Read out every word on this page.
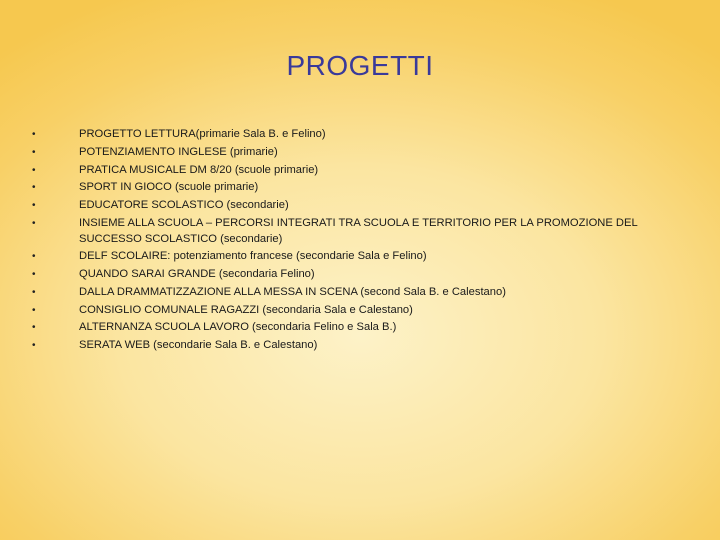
PROGETTI
•	PROGETTO LETTURA(primarie Sala B. e Felino)
•	POTENZIAMENTO INGLESE (primarie)
•	PRATICA MUSICALE DM 8/20 (scuole primarie)
•	SPORT IN GIOCO (scuole primarie)
•	EDUCATORE SCOLASTICO (secondarie)
•	INSIEME ALLA SCUOLA – PERCORSI INTEGRATI TRA SCUOLA E TERRITORIO PER LA PROMOZIONE DEL SUCCESSO SCOLASTICO (secondarie)
•	DELF SCOLAIRE: potenziamento francese (secondarie Sala e Felino)
•	QUANDO SARAI GRANDE (secondaria Felino)
•	DALLA DRAMMATIZZAZIONE ALLA MESSA IN SCENA (second Sala B. e Calestano)
•	CONSIGLIO COMUNALE RAGAZZI (secondaria Sala e Calestano)
•	ALTERNANZA SCUOLA LAVORO (secondaria Felino e Sala B.)
•	SERATA WEB (secondarie Sala B. e Calestano)
